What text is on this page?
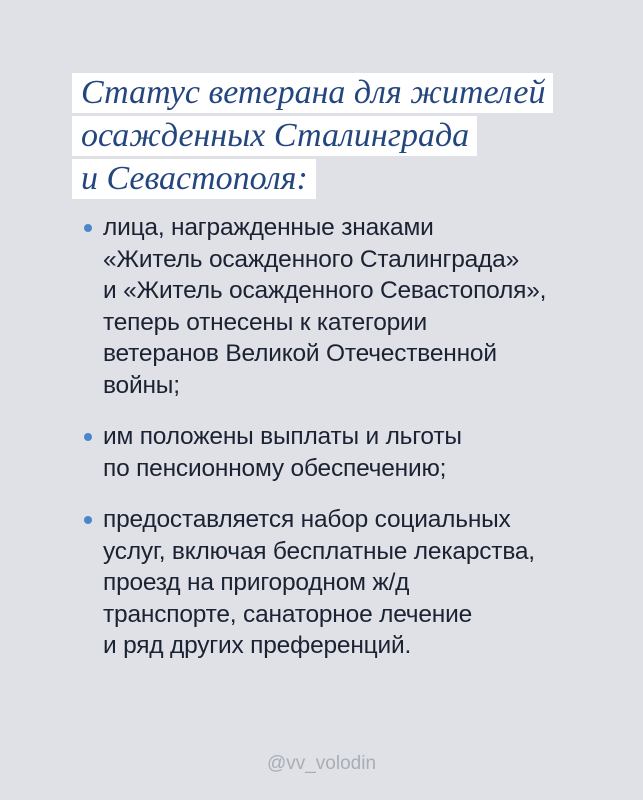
Статус ветерана для жителей
осажденных Сталинграда
и Севастополя:
лица, награжденные знаками
«Житель осажденного Сталинграда»
и «Житель осажденного Севастополя»,
теперь отнесены к категории
ветеранов Великой Отечественной
войны;
им положены выплаты и льготы
по пенсионному обеспечению;
предоставляется набор социальных
услуг, включая бесплатные лекарства,
проезд на пригородном ж/д
транспорте, санаторное лечение
и ряд других преференций.
@vv_volodin
